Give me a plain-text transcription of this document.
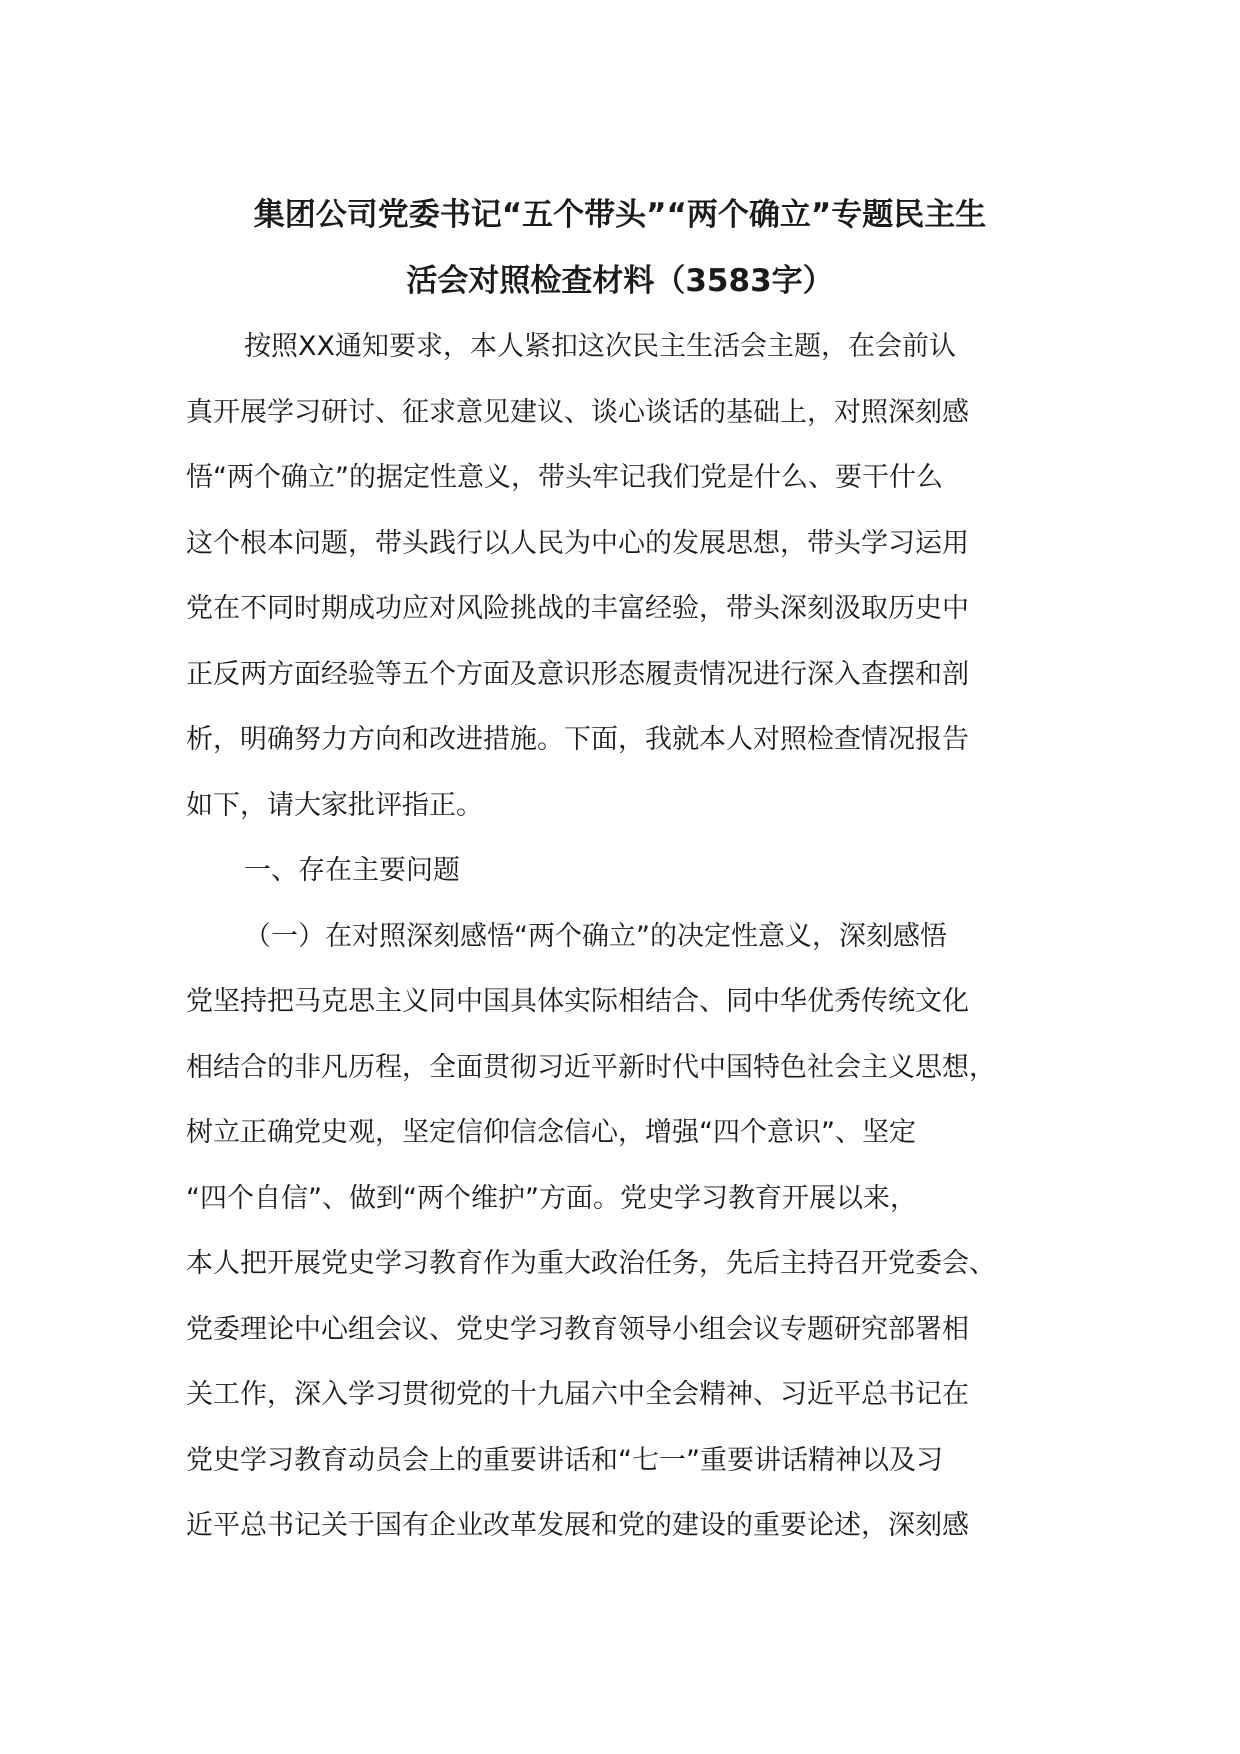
集团公司党委书记“五个带头”“两个确立”专题民主生
活会对照检查材料（3583字）
按照XX通知要求，本人紧扣这次民主生活会主题，在会前认
真开展学习研讨、征求意见建议、谈心谈话的基础上，对照深刻感
悟“两个确立”的据定性意义，带头牢记我们党是什么、要干什么
这个根本问题，带头践行以人民为中心的发展思想，带头学习运用
党在不同时期成功应对风险挑战的丰富经验，带头深刻汲取历史中
正反两方面经验等五个方面及意识形态履责情况进行深入查摆和剖
析，明确努力方向和改进措施。下面，我就本人对照检查情况报告
如下，请大家批评指正。
一、存在主要问题
（一）在对照深刻感悟“两个确立”的决定性意义，深刻感悟
党坚持把马克思主义同中国具体实际相结合、同中华优秀传统文化
相结合的非凡历程，全面贯彻习近平新时代中国特色社会主义思想，
树立正确党史观，坚定信仰信念信心，增强“四个意识”、坚定
“四个自信”、做到“两个维护”方面。党史学习教育开展以来，
本人把开展党史学习教育作为重大政治任务，先后主持召开党委会、
党委理论中心组会议、党史学习教育领导小组会议专题研究部署相
关工作，深入学习贯彻党的十九届六中全会精神、习近平总书记在
党史学习教育动员会上的重要讲话和“七一”重要讲话精神以及习
近平总书记关于国有企业改革发展和党的建设的重要论述，深刻感
